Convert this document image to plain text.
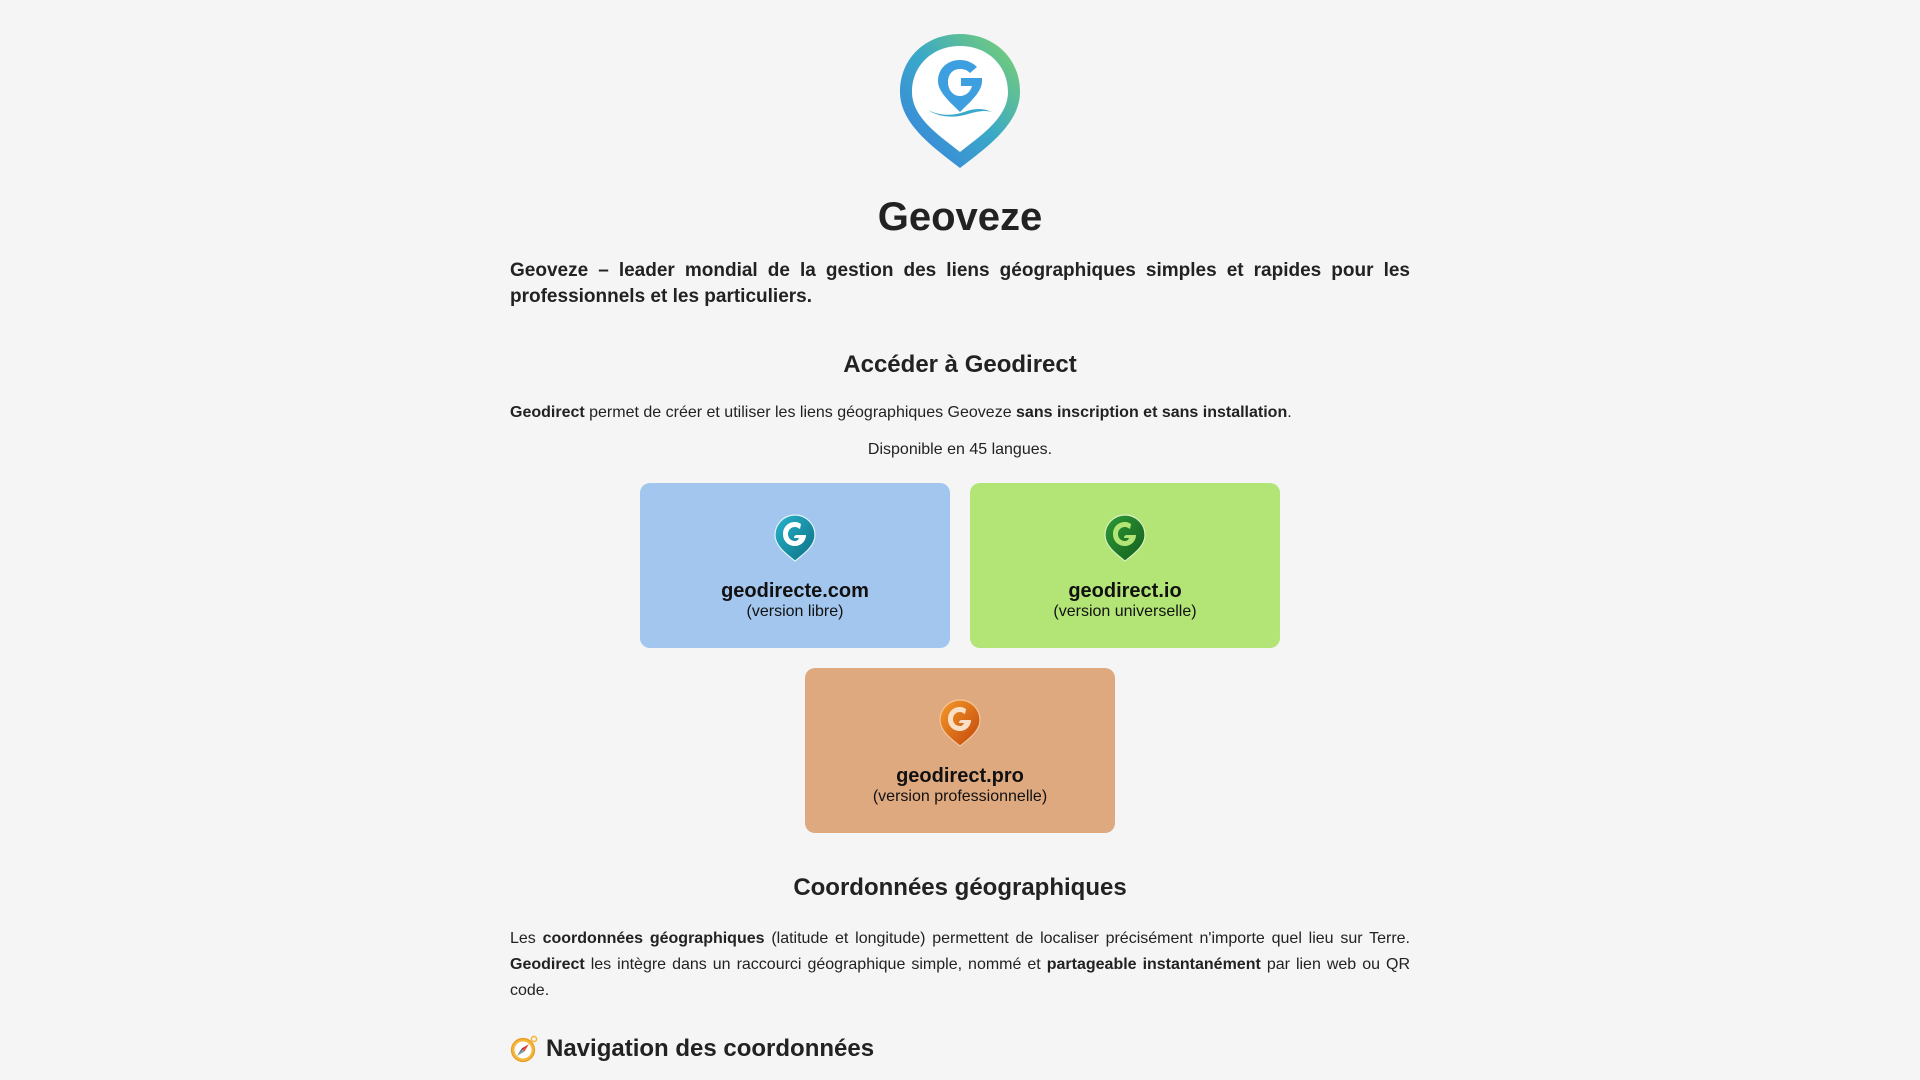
Geoveze

Geoveze – leader mondial de la gestion des liens géographiques simples et rapides pour les professionnels et les particuliers.

Accéder à Geodirect

Geodirect permet de créer et utiliser les liens géographiques Geoveze sans inscription et sans installation.

Disponible en 45 langues.

geodirecte.com
(version libre)
geodirect.io
(version universelle)
geodirect.pro
(version professionnelle)
Coordonnées géographiques

Les coordonnées géographiques (latitude et longitude) permettent de localiser précisément n'importe quel lieu sur Terre. Geodirect les intègre dans un raccourci géographique simple, nommé et partageable instantanément par lien web ou QR code.

Navigation des coordonnées
